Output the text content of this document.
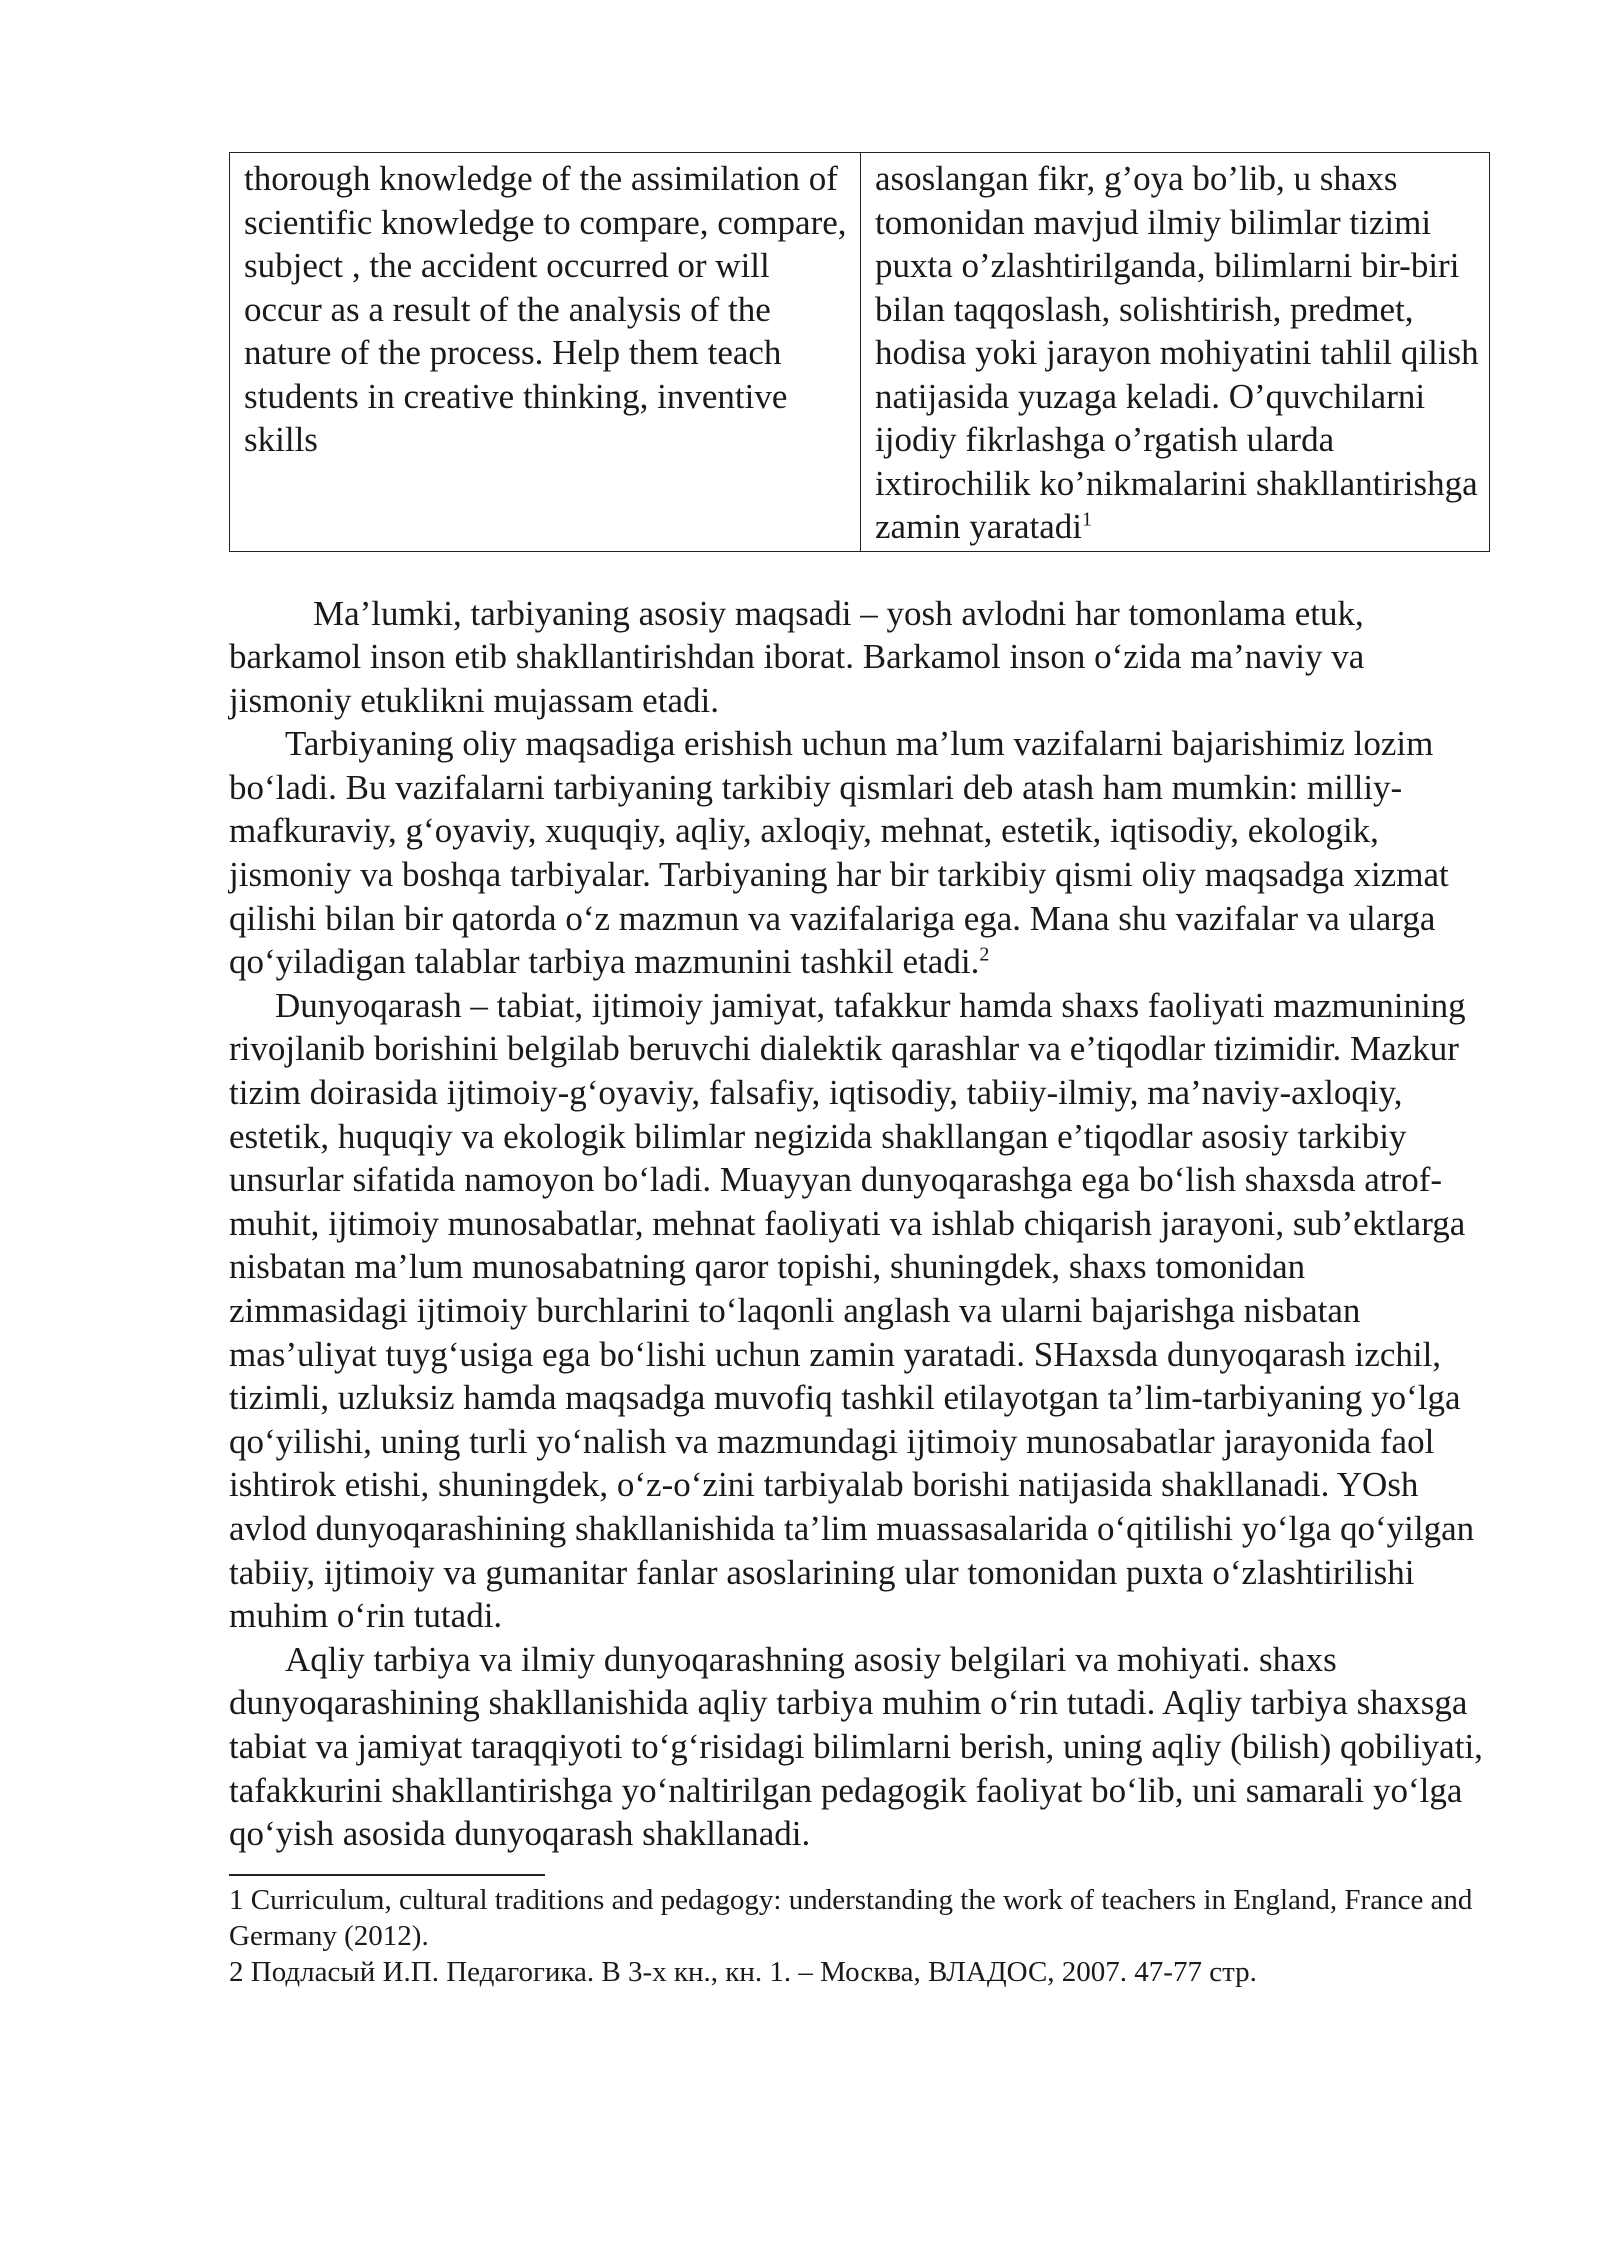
thorough knowledge of the assimilation of scientific knowledge to compare, compare, subject , the accident occurred or will occur as a result of the analysis of the nature of the process. Help them teach students in creative thinking, inventive skills	asoslangan fikr, g’oya bo’lib, u shaxs tomonidan mavjud ilmiy bilimlar tizimi puxta o’zlashtirilganda, bilimlarni bir-biri bilan taqqoslash, solishtirish, predmet, hodisa yoki jarayon mohiyatini tahlil qilish natijasida yuzaga keladi. O’quvchilarni ijodiy fikrlashga o’rgatish ularda ixtirochilik ko’nikmalarini shakllantirishga zamin yaratadi$^1$

Ma’lumki, tarbiyaning asosiy maqsadi – yosh avlodni har tomonlama etuk, barkamol inson etib shakllantirishdan iborat. Barkamol inson o‘zida ma’naviy va jismoniy etuklikni mujassam etadi.

Tarbiyaning oliy maqsadiga erishish uchun ma’lum vazifalarni bajarishimiz lozim bo‘ladi. Bu vazifalarni tarbiyaning tarkibiy qismlari deb atash ham mumkin: milliy-mafkuraviy, g‘oyaviy, xuquqiy, aqliy, axloqiy, mehnat, estetik, iqtisodiy, ekologik, jismoniy va boshqa tarbiyalar. Tarbiyaning har bir tarkibiy qismi oliy maqsadga xizmat qilishi bilan bir qatorda o‘z mazmun va vazifalariga ega. Mana shu vazifalar va ularga qo‘yiladigan talablar tarbiya mazmunini tashkil etadi.$^2$

Dunyoqarash – tabiat, ijtimoiy jamiyat, tafakkur hamda shaxs faoliyati mazmunining rivojlanib borishini belgilab beruvchi dialektik qarashlar va e’tiqodlar tizimidir. Mazkur tizim doirasida ijtimoiy-g‘oyaviy, falsafiy, iqtisodiy, tabiiy-ilmiy, ma’naviy-axloqiy, estetik, huquqiy va ekologik bilimlar negizida shakllangan e’tiqodlar asosiy tarkibiy unsurlar sifatida namoyon bo‘ladi. Muayyan dunyoqarashga ega bo‘lish shaxsda atrof-muhit, ijtimoiy munosabatlar, mehnat faoliyati va ishlab chiqarish jarayoni, sub’ektlarga nisbatan ma’lum munosabatning qaror topishi, shuningdek, shaxs tomonidan zimmasidagi ijtimoiy burchlarini to‘laqonli anglash va ularni bajarishga nisbatan mas’uliyat tuyg‘usiga ega bo‘lishi uchun zamin yaratadi. SHaxsda dunyoqarash izchil, tizimli, uzluksiz hamda maqsadga muvofiq tashkil etilayotgan ta’lim-tarbiyaning yo‘lga qo‘yilishi, uning turli yo‘nalish va mazmundagi ijtimoiy munosabatlar jarayonida faol ishtirok etishi, shuningdek, o‘z-o‘zini tarbiyalab borishi natijasida shakllanadi. YOsh avlod dunyoqarashining shakllanishida ta’lim muassasalarida o‘qitilishi yo‘lga qo‘yilgan tabiiy, ijtimoiy va gumanitar fanlar asoslarining ular tomonidan puxta o‘zlashtirilishi muhim o‘rin tutadi.

Aqliy tarbiya va ilmiy dunyoqarashning asosiy belgilari va mohiyati. shaxs dunyoqarashining shakllanishida aqliy tarbiya muhim o‘rin tutadi. Aqliy tarbiya shaxsga tabiat va jamiyat taraqqiyoti to‘g‘risidagi bilimlarni berish, uning aqliy (bilish) qobiliyati, tafakkurini shakllantirishga yo‘naltirilgan pedagogik faoliyat bo‘lib, uni samarali yo‘lga qo‘yish asosida dunyoqarash shakllanadi.

1 Curriculum, cultural traditions and pedagogy: understanding the work of teachers in England, France and Germany (2012).

2 Подласый И.П. Педагогика. В 3-х кн., кн. 1. – Москва, ВЛАДОС, 2007. 47-77 стр.
